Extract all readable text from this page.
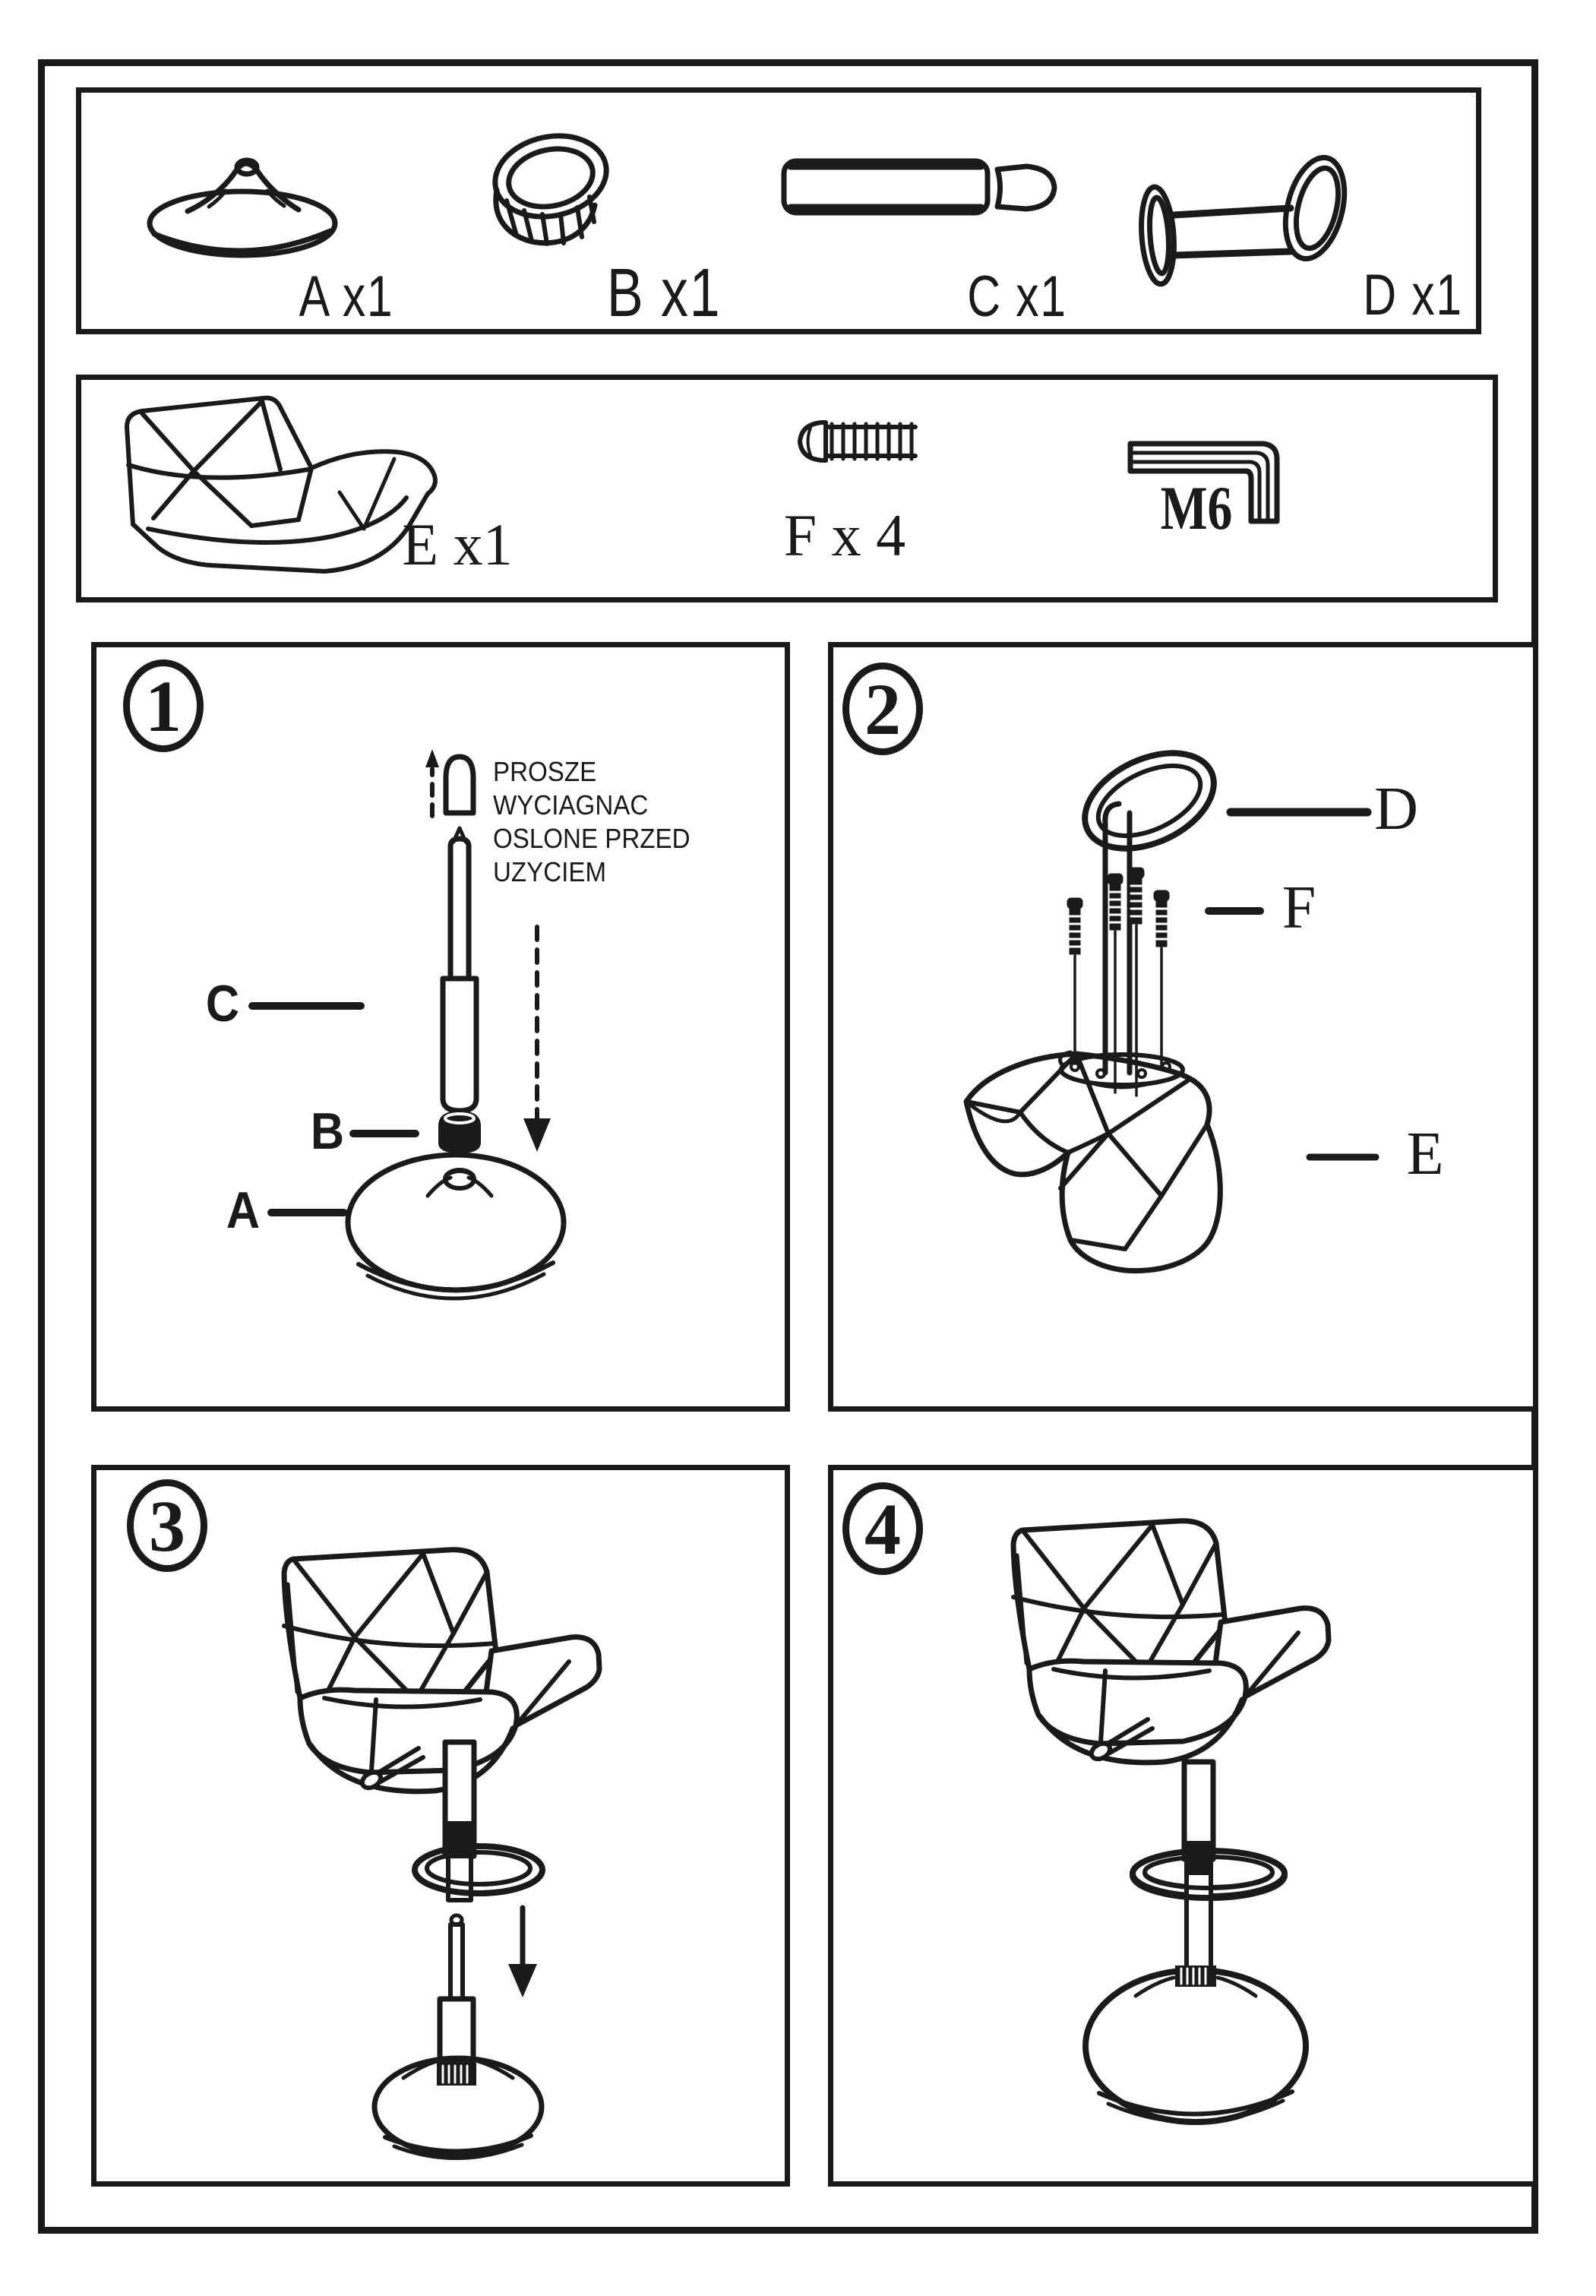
A x1	B x1	C x1	D x1
E x1	F x 4	M6
1
PROSZE
WYCIAGNAC
OSLONE PRZED
UZYCIEM
C
B
A
2
D
F
E
3	4
